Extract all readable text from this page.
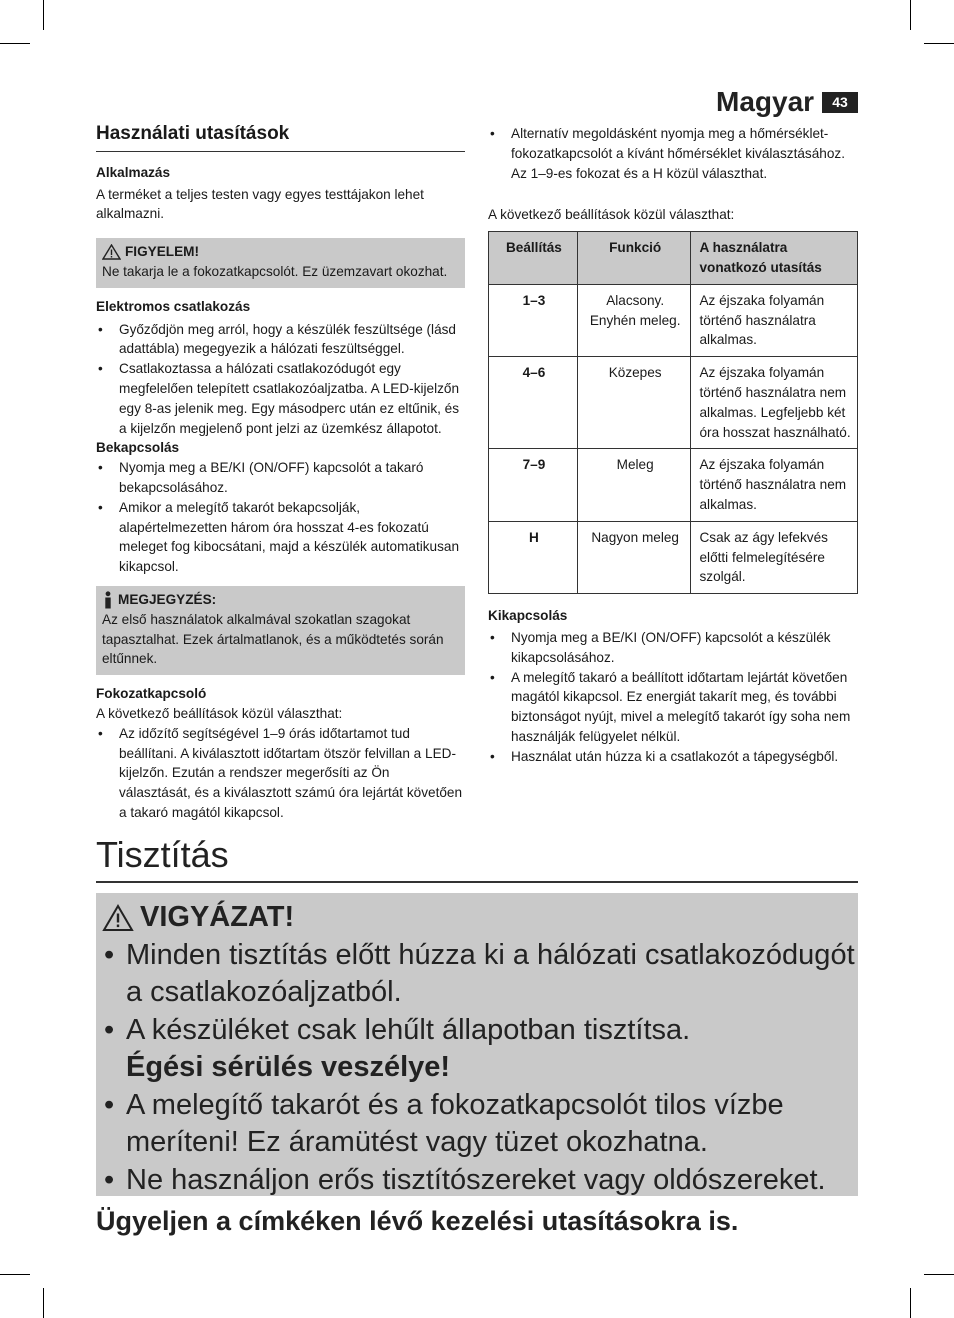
Magyar	43
Használati utasítások
Alkalmazás

A terméket a teljes testen vagy egyes testtájakon lehet alkalmazni.

FIGYELEM!
Ne takarja le a fokozatkapcsolót. Ez üzemzavart okozhat.
Elektromos csatlakozás
• Győződjön meg arról, hogy a készülék feszültsége (lásd adattábla) megegyezik a hálózati feszültséggel.
• Csatlakoztassa a hálózati csatlakozódugót egy megfelelően telepített csatlakozóaljzatba. A LED-kijelzőn egy 8-as jelenik meg. Egy másodperc után ez eltűnik, és a kijelzőn megjelenő pont jelzi az üzemkész állapotot.
Bekapcsolás
• Nyomja meg a BE/KI (ON/OFF) kapcsolót a takaró bekapcsolásához.
• Amikor a melegítő takarót bekapcsolják, alapértelmezetten három óra hosszat 4-es fokozatú meleget fog kibocsátani, majd a készülék automatikusan kikapcsol.
MEGJEGYZÉS:
Az első használatok alkalmával szokatlan szagokat tapasztalhat. Ezek ártalmatlanok, és a működtetés során eltűnnek.
Fokozatkapcsoló

A következő beállítások közül választhat:

• Az időzítő segítségével 1–9 órás időtartamot tud beállítani. A kiválasztott időtartam ötször felvillan a LED-kijelzőn. Ezután a rendszer megerősíti az Ön választását, és a kiválasztott számú óra lejártát követően a takaró magától kikapcsol.
• Alternatív megoldásként nyomja meg a hőmérséklet-fokozatkapcsolót a kívánt hőmérséklet kiválasztásához. Az 1–9-es fokozat és a H közül választhat.

A következő beállítások közül választhat:

Beállítás	Funkció	A használatra vonatkozó utasítás
1–3	Alacsony. Enyhén meleg.	Az éjszaka folyamán történő használatra alkalmas.
4–6	Közepes	Az éjszaka folyamán történő használatra nem alkalmas. Legfeljebb két óra hosszat használható.
7–9	Meleg	Az éjszaka folyamán történő használatra nem alkalmas.
H	Nagyon meleg	Csak az ágy lefekvés előtti felmelegítésére szolgál.
Kikapcsolás
• Nyomja meg a BE/KI (ON/OFF) kapcsolót a készülék kikapcsolásához.
• A melegítő takaró a beállított időtartam lejártát követően magától kikapcsol. Ez energiát takarít meg, és további biztonságot nyújt, mivel a melegítő takarót így soha nem használják felügyelet nélkül.
• Használat után húzza ki a csatlakozót a tápegységből.
Tisztítás
VIGYÁZAT!
• Minden tisztítás előtt húzza ki a hálózati csatlakozódugót a csatlakozóaljzatból.
• A készüléket csak lehűlt állapotban tisztítsa.
Égési sérülés veszélye!
• A melegítő takarót és a fokozatkapcsolót tilos vízbe meríteni! Ez áramütést vagy tüzet okozhatna.
• Ne használjon erős tisztítószereket vagy oldószereket.
Ügyeljen a címkéken lévő kezelési utasításokra is.
